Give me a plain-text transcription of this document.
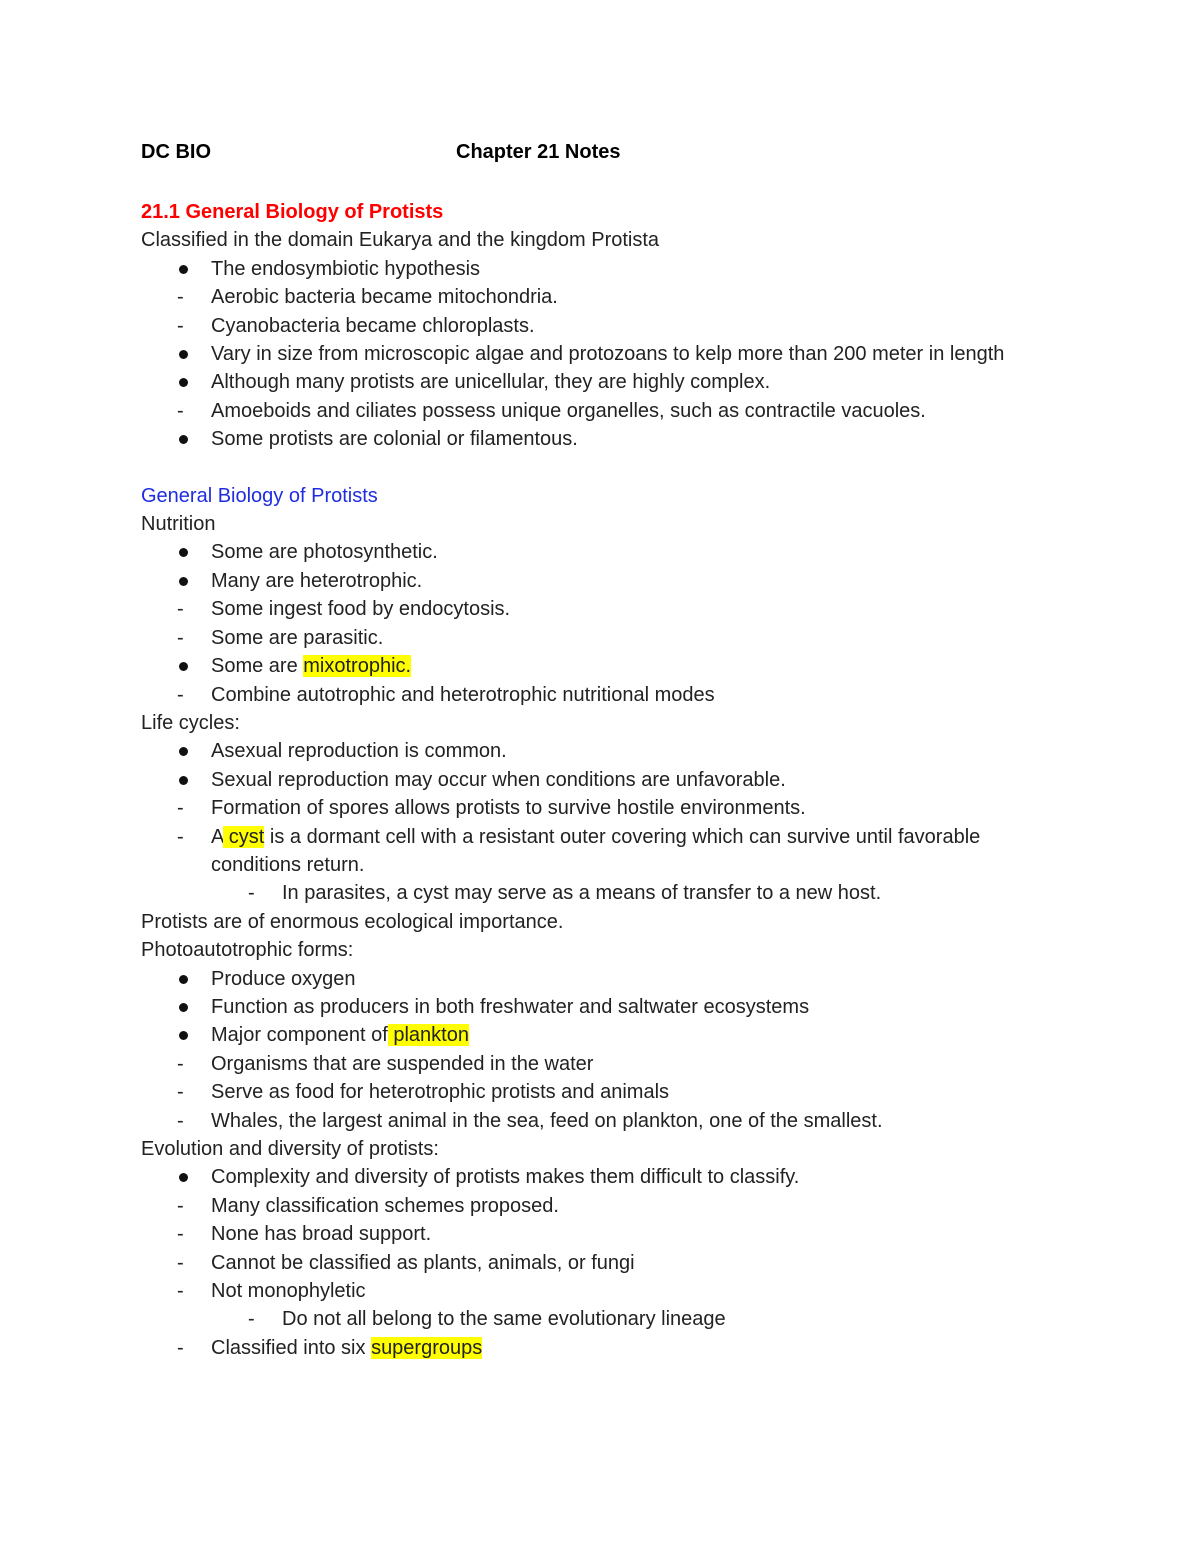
DC BIO	Chapter 21 Notes
21.1 General Biology of Protists
Classified in the domain Eukarya and the kingdom Protista
The endosymbiotic hypothesis
-	Aerobic bacteria became mitochondria.
-	Cyanobacteria became chloroplasts.
Vary in size from microscopic algae and protozoans to kelp more than 200 meter in length
Although many protists are unicellular, they are highly complex.
-	Amoeboids and ciliates possess unique organelles, such as contractile vacuoles.
Some protists are colonial or filamentous.
General Biology of Protists
Nutrition
Some are photosynthetic.
Many are heterotrophic.
-	Some ingest food by endocytosis.
-	Some are parasitic.
Some are mixotrophic.
-	Combine autotrophic and heterotrophic nutritional modes
Life cycles:
Asexual reproduction is common.
Sexual reproduction may occur when conditions are unfavorable.
-	Formation of spores allows protists to survive hostile environments.
-	A cyst is a dormant cell with a resistant outer covering which can survive until favorable
conditions return.
-	In parasites, a cyst may serve as a means of transfer to a new host.
Protists are of enormous ecological importance.
Photoautotrophic forms:
Produce oxygen
Function as producers in both freshwater and saltwater ecosystems
Major component of plankton
-	Organisms that are suspended in the water
-	Serve as food for heterotrophic protists and animals
-	Whales, the largest animal in the sea, feed on plankton, one of the smallest.
Evolution and diversity of protists:
Complexity and diversity of protists makes them difficult to classify.
-	Many classification schemes proposed.
-	None has broad support.
-	Cannot be classified as plants, animals, or fungi
-	Not monophyletic
-	Do not all belong to the same evolutionary lineage
-	Classified into six supergroups
